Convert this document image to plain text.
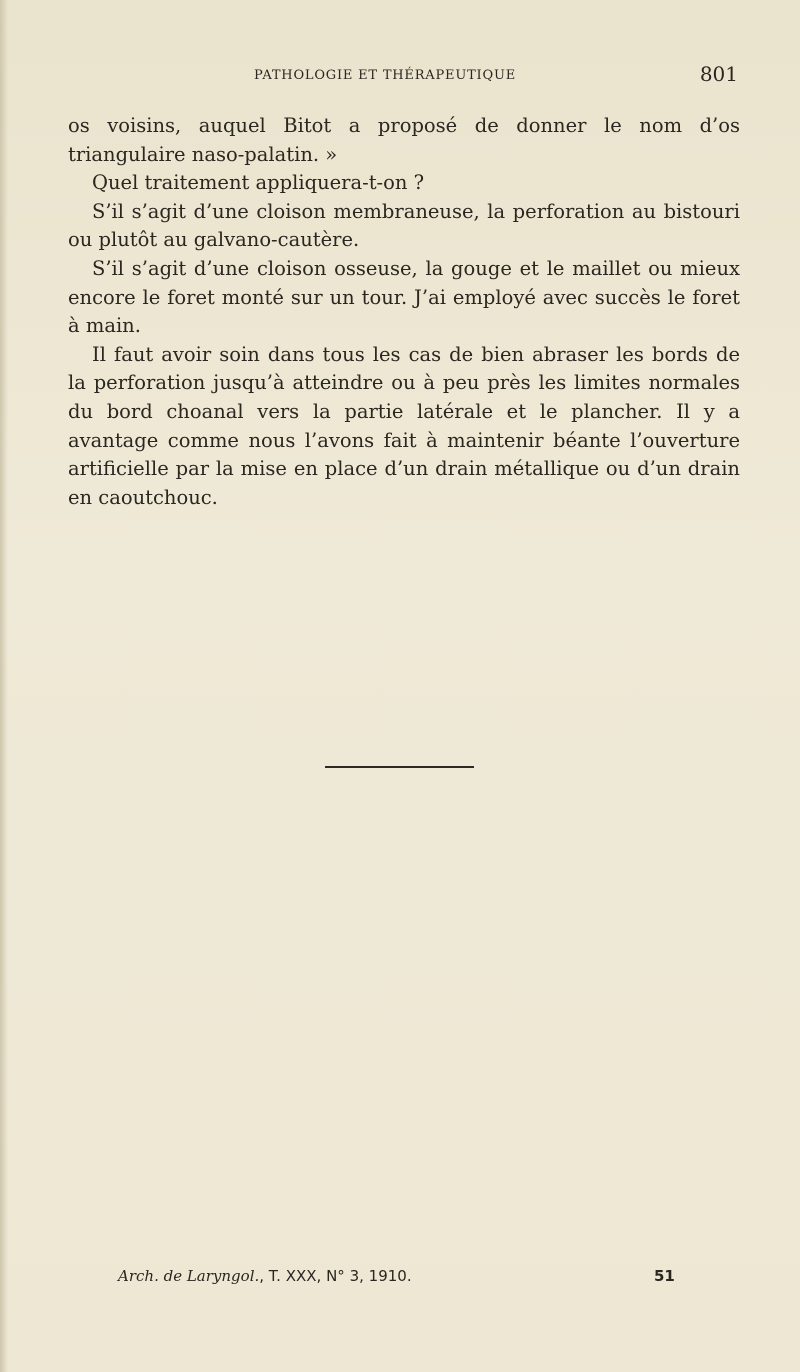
PATHOLOGIE ET THÉRAPEUTIQUE	801

os voisins, auquel Bitot a proposé de donner le nom d’os triangulaire naso-palatin. »

Quel traitement appliquera-t-on ?

S’il s’agit d’une cloison membraneuse, la perforation au bistouri ou plutôt au galvano-cautère.

S’il s’agit d’une cloison osseuse, la gouge et le maillet ou mieux encore le foret monté sur un tour. J’ai employé avec succès le foret à main.

Il faut avoir soin dans tous les cas de bien abraser les bords de la perforation jusqu’à atteindre ou à peu près les limites normales du bord choanal vers la partie latérale et le plancher. Il y a avantage comme nous l’avons fait à maintenir béante l’ouverture artificielle par la mise en place d’un drain métallique ou d’un drain en caoutchouc.

Arch. de Laryngol., T. XXX, N° 3, 1910.	51
